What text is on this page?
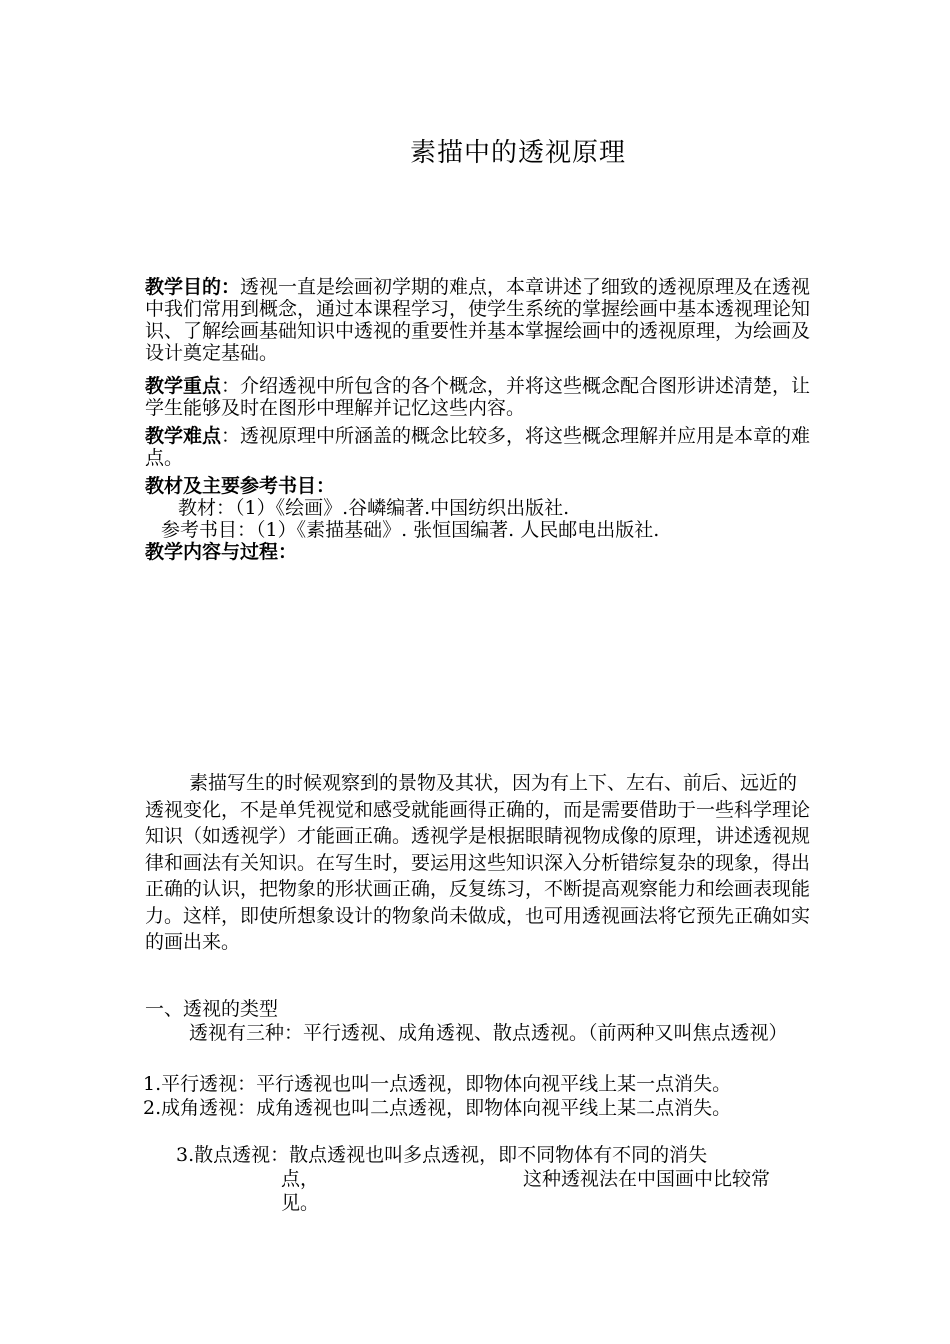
素描中的透视原理
教学目的：透视一直是绘画初学期的难点，本章讲述了细致的透视原理及在透视中我们常用到概念，通过本课程学习，使学生系统的掌握绘画中基本透视理论知识、了解绘画基础知识中透视的重要性并基本掌握绘画中的透视原理，为绘画及设计奠定基础。
教学重点：介绍透视中所包含的各个概念，并将这些概念配合图形讲述清楚，让学生能够及时在图形中理解并记忆这些内容。
教学难点：透视原理中所涵盖的概念比较多，将这些概念理解并应用是本章的难点。
教材及主要参考书目：
教材：（1）《绘画》.谷嶙编著.中国纺织出版社.
参考书目：（1）《素描基础》. 张恒国编著. 人民邮电出版社.
教学内容与过程：
素描写生的时候观察到的景物及其状，因为有上下、左右、前后、远近的透视变化，不是单凭视觉和感受就能画得正确的，而是需要借助于一些科学理论知识（如透视学）才能画正确。透视学是根据眼睛视物成像的原理，讲述透视规律和画法有关知识。在写生时，要运用这些知识深入分析错综复杂的现象，得出正确的认识，把物象的形状画正确，反复练习，不断提高观察能力和绘画表现能力。这样，即使所想象设计的物象尚未做成，也可用透视画法将它预先正确如实的画出来。
一、透视的类型
透视有三种：平行透视、成角透视、散点透视。（前两种又叫焦点透视）
1.平行透视：平行透视也叫一点透视，即物体向视平线上某一点消失。
2.成角透视：成角透视也叫二点透视，即物体向视平线上某二点消失。
3.散点透视：散点透视也叫多点透视，即不同物体有不同的消失
点，	这种透视法在中国画中比较常
见。
